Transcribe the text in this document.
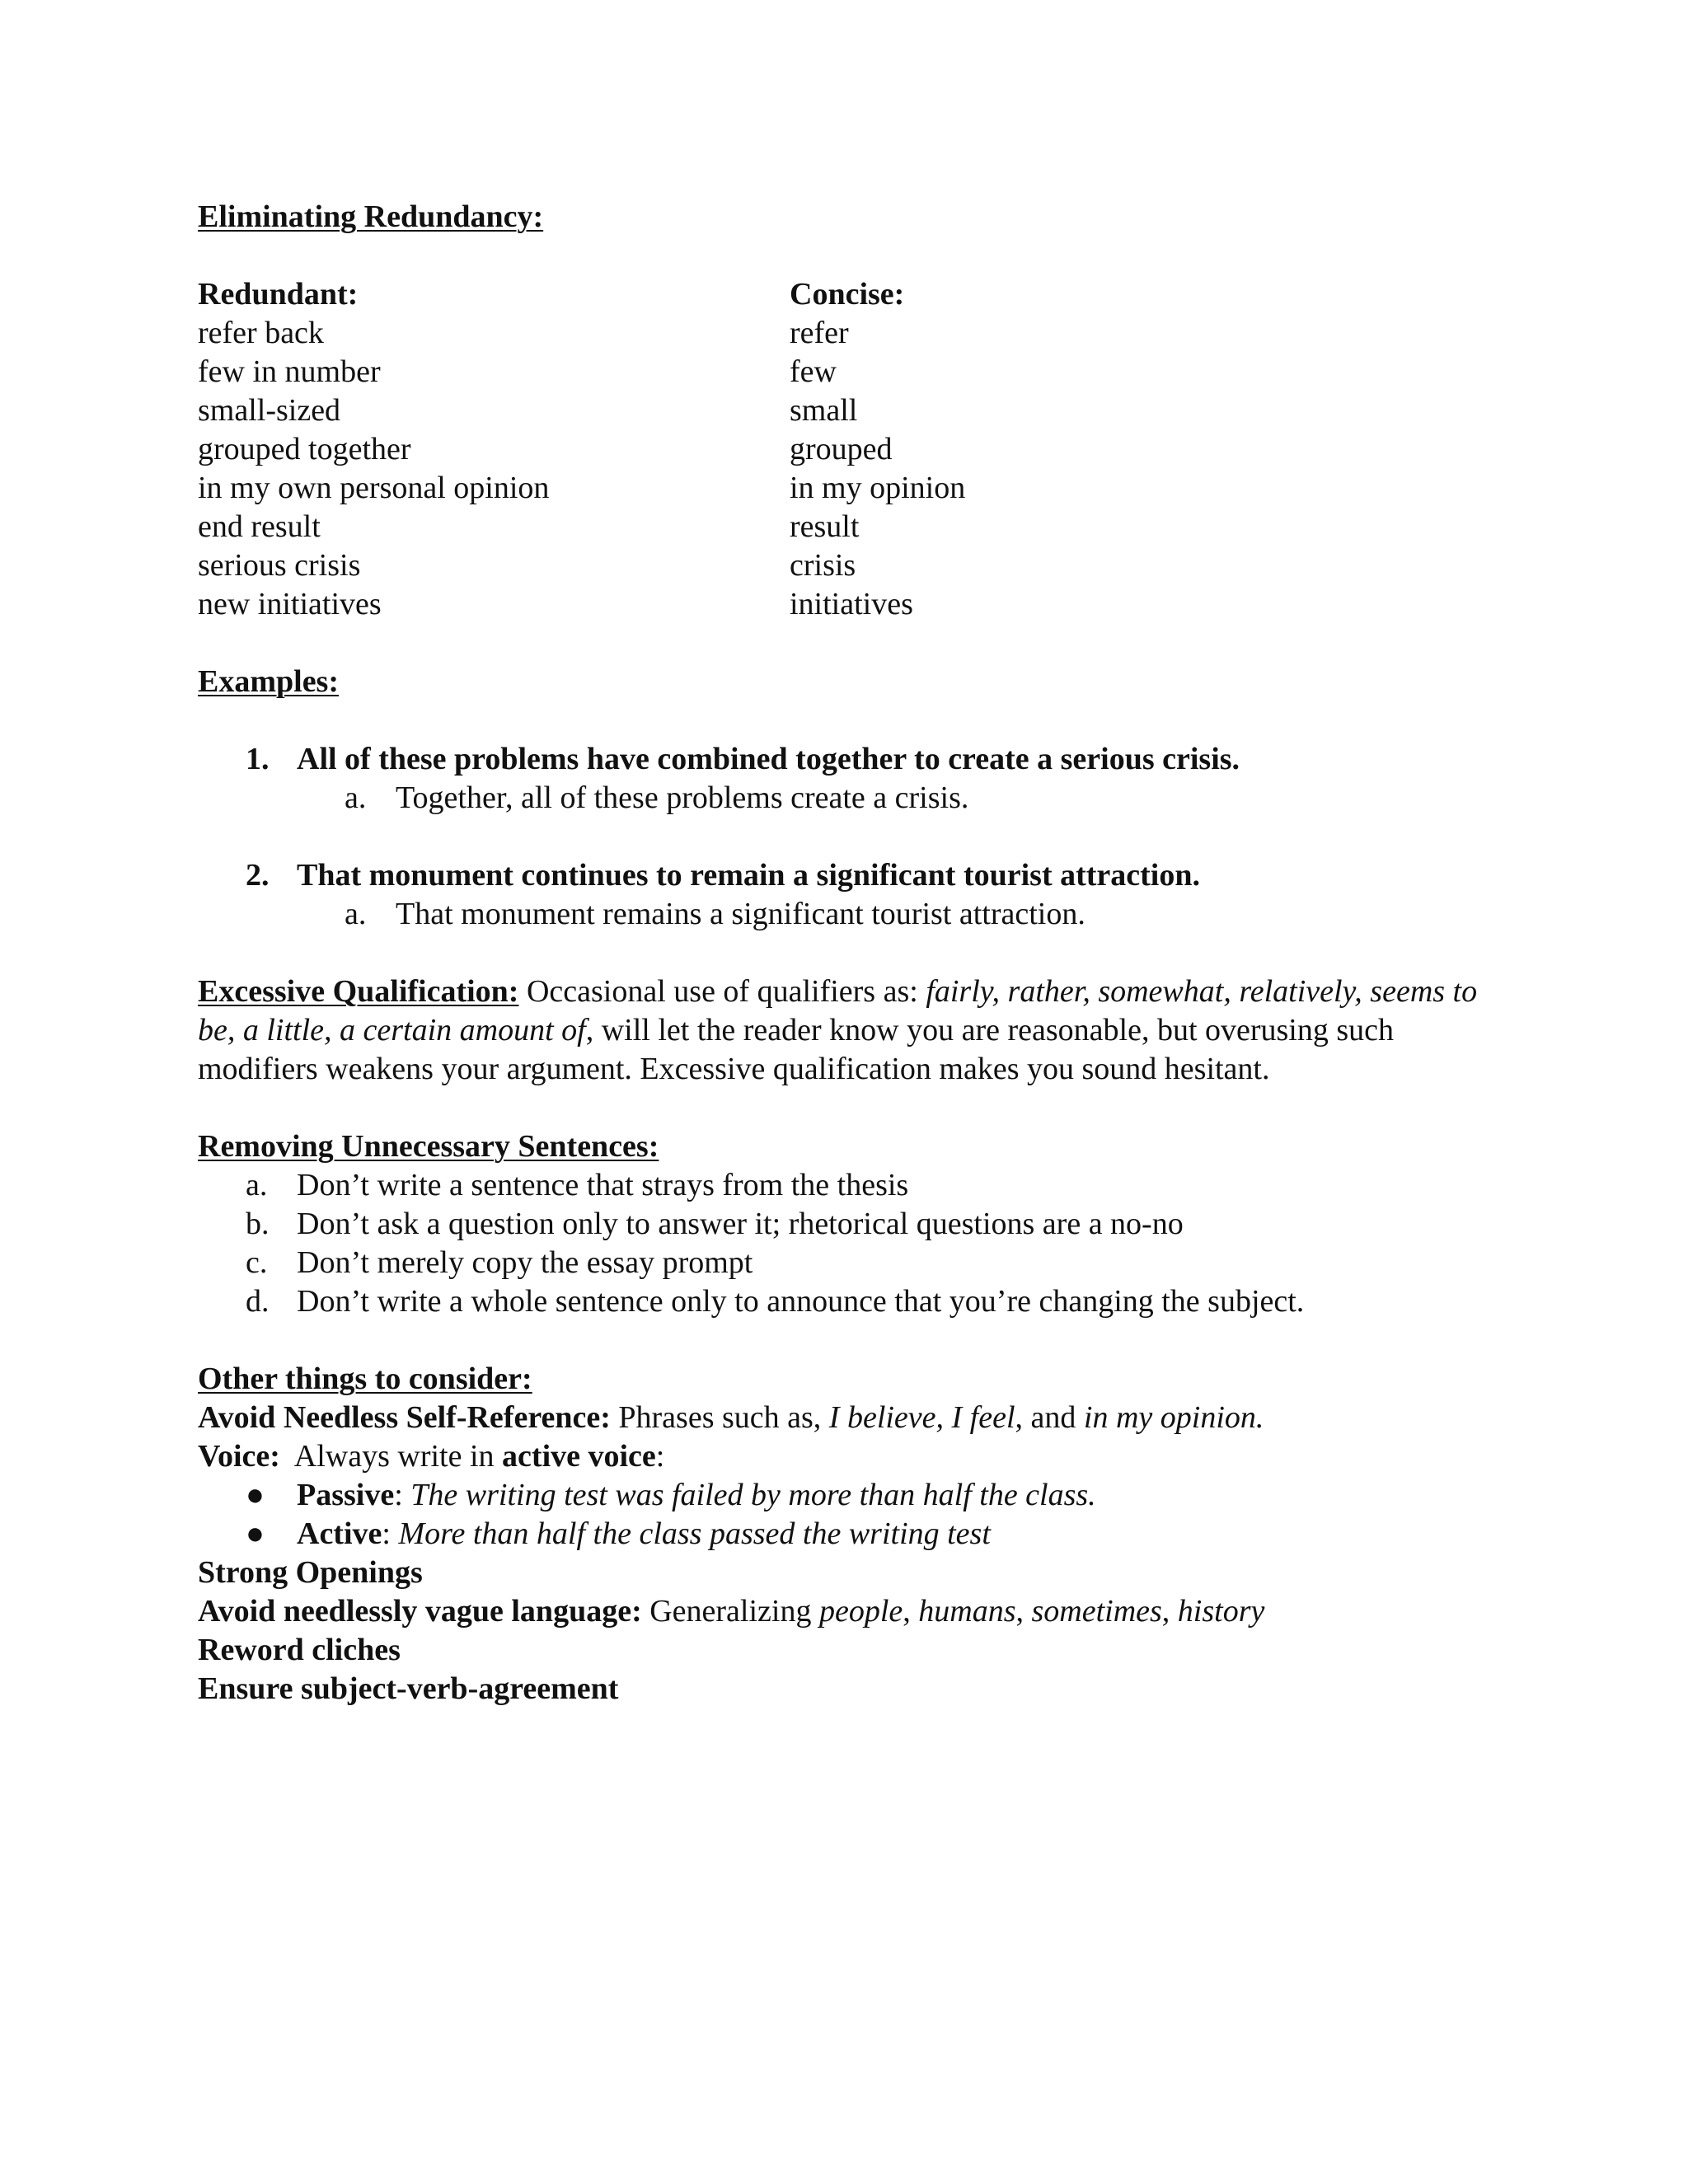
Eliminating Redundancy:
Redundant:
refer back
few in number
small-sized
grouped together
in my own personal opinion
end result
serious crisis
new initiatives
Concise:
refer
few
small
grouped
in my opinion
result
crisis
initiatives
Examples:
1. All of these problems have combined together to create a serious crisis.
a. Together, all of these problems create a crisis.
2. That monument continues to remain a significant tourist attraction.
a. That monument remains a significant tourist attraction.

Excessive Qualification: Occasional use of qualifiers as: fairly, rather, somewhat, relatively, seems to be, a little, a certain amount of, will let the reader know you are reasonable, but overusing such modifiers weakens your argument. Excessive qualification makes you sound hesitant.

Removing Unnecessary Sentences:
a. Don’t write a sentence that strays from the thesis
b. Don’t ask a question only to answer it; rhetorical questions are a no-no
c. Don’t merely copy the essay prompt
d. Don’t write a whole sentence only to announce that you’re changing the subject.
Other things to consider:
Avoid Needless Self-Reference: Phrases such as, I believe, I feel, and in my opinion.
Voice:  Always write in active voice:
●	Passive: The writing test was failed by more than half the class.
●	Active: More than half the class passed the writing test
Strong Openings
Avoid needlessly vague language: Generalizing people, humans, sometimes, history
Reword cliches
Ensure subject-verb-agreement
